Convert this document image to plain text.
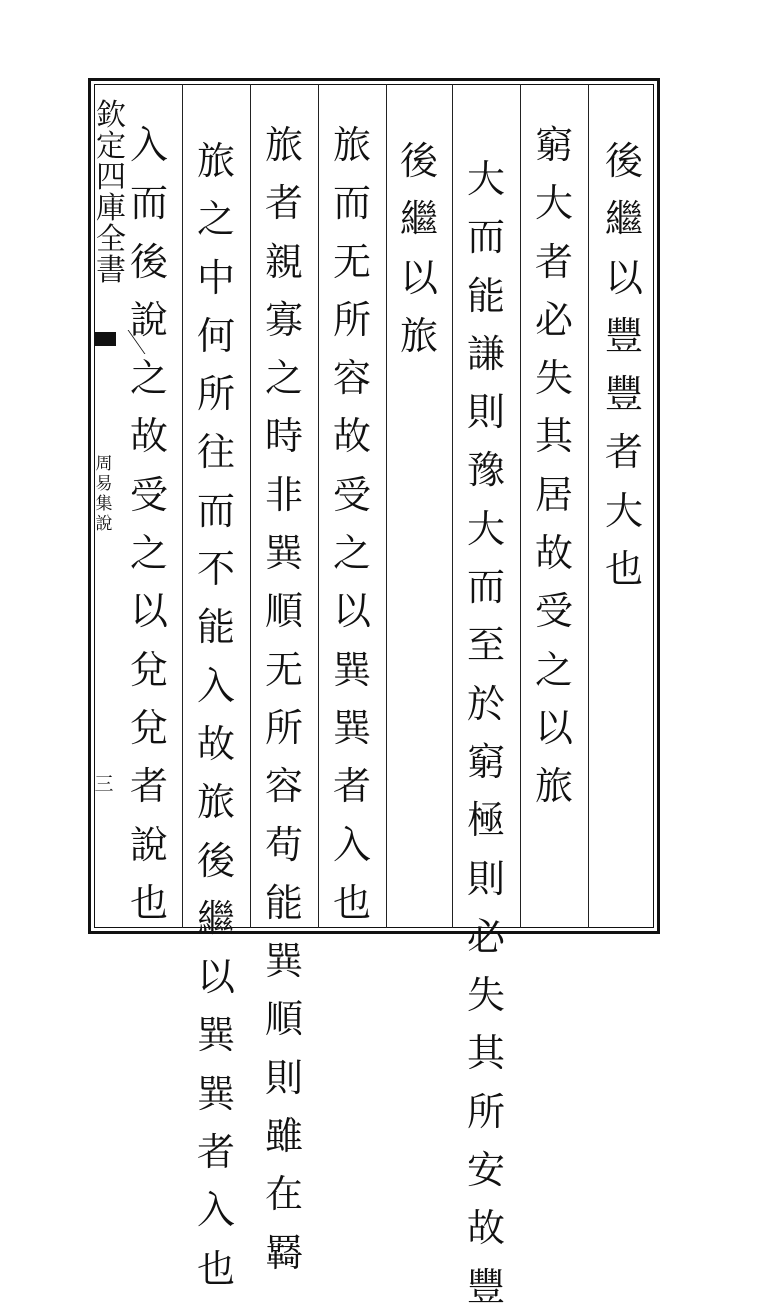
欽
定
四
庫
全
書
周
易
集
說
三
後
繼
以
豐
豐
者
大
也
窮
大
者
必
失
其
居
故
受
之
以
旅
大
而
能
謙
則
豫
大
而
至
於
窮
極
則
必
失
其
所
安
故
豐
後
繼
以
旅
旅
而
无
所
容
故
受
之
以
巽
巽
者
入
也
旅
者
親
寡
之
時
非
巽
順
无
所
容
苟
能
巽
順
則
雖
在
羇
旅
之
中
何
所
往
而
不
能
入
故
旅
後
繼
以
巽
巽
者
入
也
入
而
後
說
之
故
受
之
以
兌
兌
者
說
也
